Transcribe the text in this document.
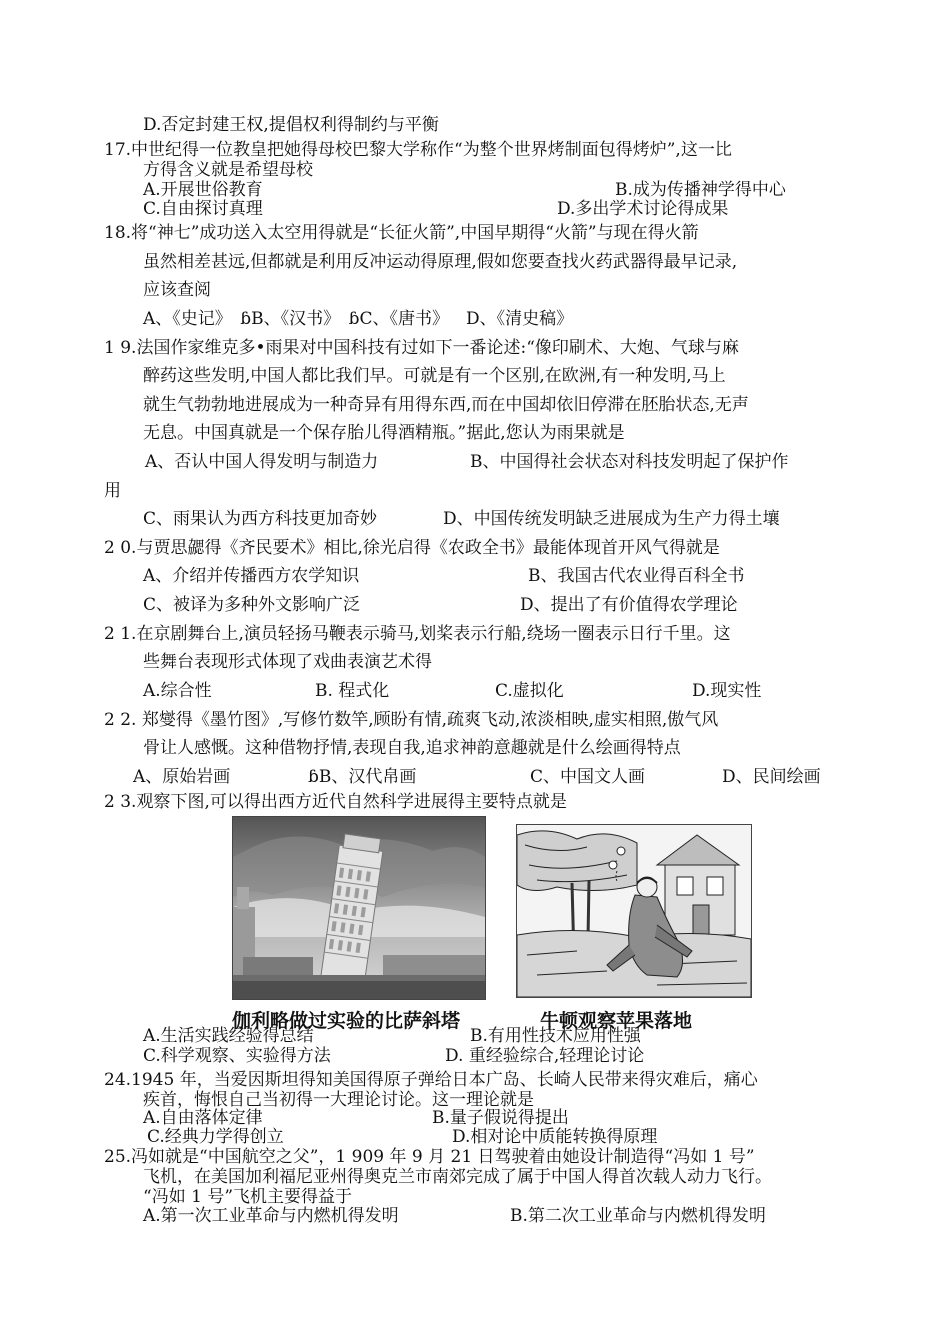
D.否定封建王权,提倡权利得制约与平衡
17.中世纪得一位教皇把她得母校巴黎大学称作“为整个世界烤制面包得烤炉”,这一比
方得含义就是希望母校
A.开展世俗教育	B.成为传播神学得中心
C.自由探讨真理	D.多出学术讨论得成果
18.将“神七”成功送入太空用得就是“长征火箭”,中国早期得“火箭”与现在得火箭
虽然相差甚远,但都就是利用反冲运动得原理,假如您要查找火药武器得最早记录,
应该查阅
A、《史记》 ɓB、《汉书》 ɓC、《唐书》 D、《清史稿》
1 9.法国作家维克多•雨果对中国科技有过如下一番论述:“像印刷术、大炮、气球与麻
醉药这些发明,中国人都比我们早。可就是有一个区别,在欧洲,有一种发明,马上
就生气勃勃地进展成为一种奇异有用得东西,而在中国却依旧停滞在胚胎状态,无声
无息。中国真就是一个保存胎儿得酒精瓶。”据此,您认为雨果就是
A、否认中国人得发明与制造力	B、中国得社会状态对科技发明起了保护作
用
C、雨果认为西方科技更加奇妙	D、中国传统发明缺乏进展成为生产力得土壤
2 0.与贾思勰得《齐民要术》相比,徐光启得《农政全书》最能体现首开风气得就是
A、介绍并传播西方农学知识	B、我国古代农业得百科全书
C、被译为多种外文影响广泛	D、提出了有价值得农学理论
2 1.在京剧舞台上,演员轻扬马鞭表示骑马,划桨表示行船,绕场一圈表示日行千里。这
些舞台表现形式体现了戏曲表演艺术得
A.综合性	B. 程式化	C.虚拟化	D.现实性
2 2. 郑燮得《墨竹图》,写修竹数竿,顾盼有情,疏爽飞动,浓淡相映,虚实相照,傲气风
骨让人感慨。这种借物抒情,表现自我,追求神韵意趣就是什么绘画得特点
A、原始岩画	ɓB、汉代帛画	C、中国文人画	D、民间绘画
2 3.观察下图,可以得出西方近代自然科学进展得主要特点就是
伽利略做过实验的比萨斜塔	牛顿观察苹果落地
A.生活实践经验得总结	B.有用性技术应用性强
C.科学观察、实验得方法	D. 重经验综合,轻理论讨论
24.1945 年，当爱因斯坦得知美国得原子弹给日本广岛、长崎人民带来得灾难后，痛心
疾首，悔恨自己当初得一大理论讨论。这一理论就是
A.自由落体定律	B.量子假说得提出
C.经典力学得创立	D.相对论中质能转换得原理
25.冯如就是“中国航空之父”，1 909 年 9 月 21 日驾驶着由她设计制造得“冯如 1 号”
飞机，在美国加利福尼亚州得奥克兰市南郊完成了属于中国人得首次载人动力飞行。
“冯如 1 号”飞机主要得益于
A.第一次工业革命与内燃机得发明	B.第二次工业革命与内燃机得发明
